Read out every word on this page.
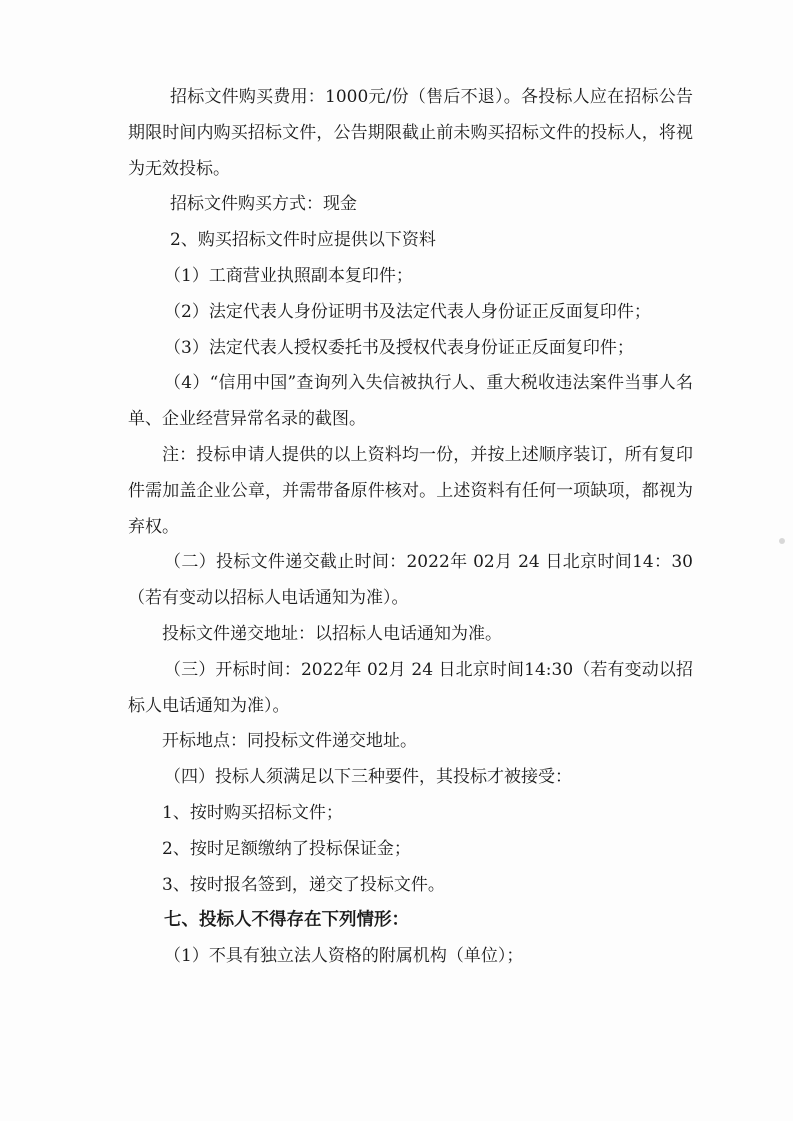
招标文件购买费用：1000元/份（售后不退）。各投标人应在招标公告期限时间内购买招标文件，公告期限截止前未购买招标文件的投标人，将视为无效投标。

招标文件购买方式：现金

2、购买招标文件时应提供以下资料

（1）工商营业执照副本复印件；

（2）法定代表人身份证明书及法定代表人身份证正反面复印件；

（3）法定代表人授权委托书及授权代表身份证正反面复印件；

（4）“信用中国”查询列入失信被执行人、重大税收违法案件当事人名单、企业经营异常名录的截图。

注：投标申请人提供的以上资料均一份，并按上述顺序装订，所有复印件需加盖企业公章，并需带备原件核对。上述资料有任何一项缺项，都视为弃权。

（二）投标文件递交截止时间：2022年 02月 24 日北京时间14：30（若有变动以招标人电话通知为准）。

投标文件递交地址：以招标人电话通知为准。

（三）开标时间：2022年 02月 24 日北京时间14:30（若有变动以招标人电话通知为准）。

开标地点：同投标文件递交地址。

（四）投标人须满足以下三种要件，其投标才被接受：

1、按时购买招标文件；

2、按时足额缴纳了投标保证金；

3、按时报名签到，递交了投标文件。

七、投标人不得存在下列情形：

（1）不具有独立法人资格的附属机构（单位）；
